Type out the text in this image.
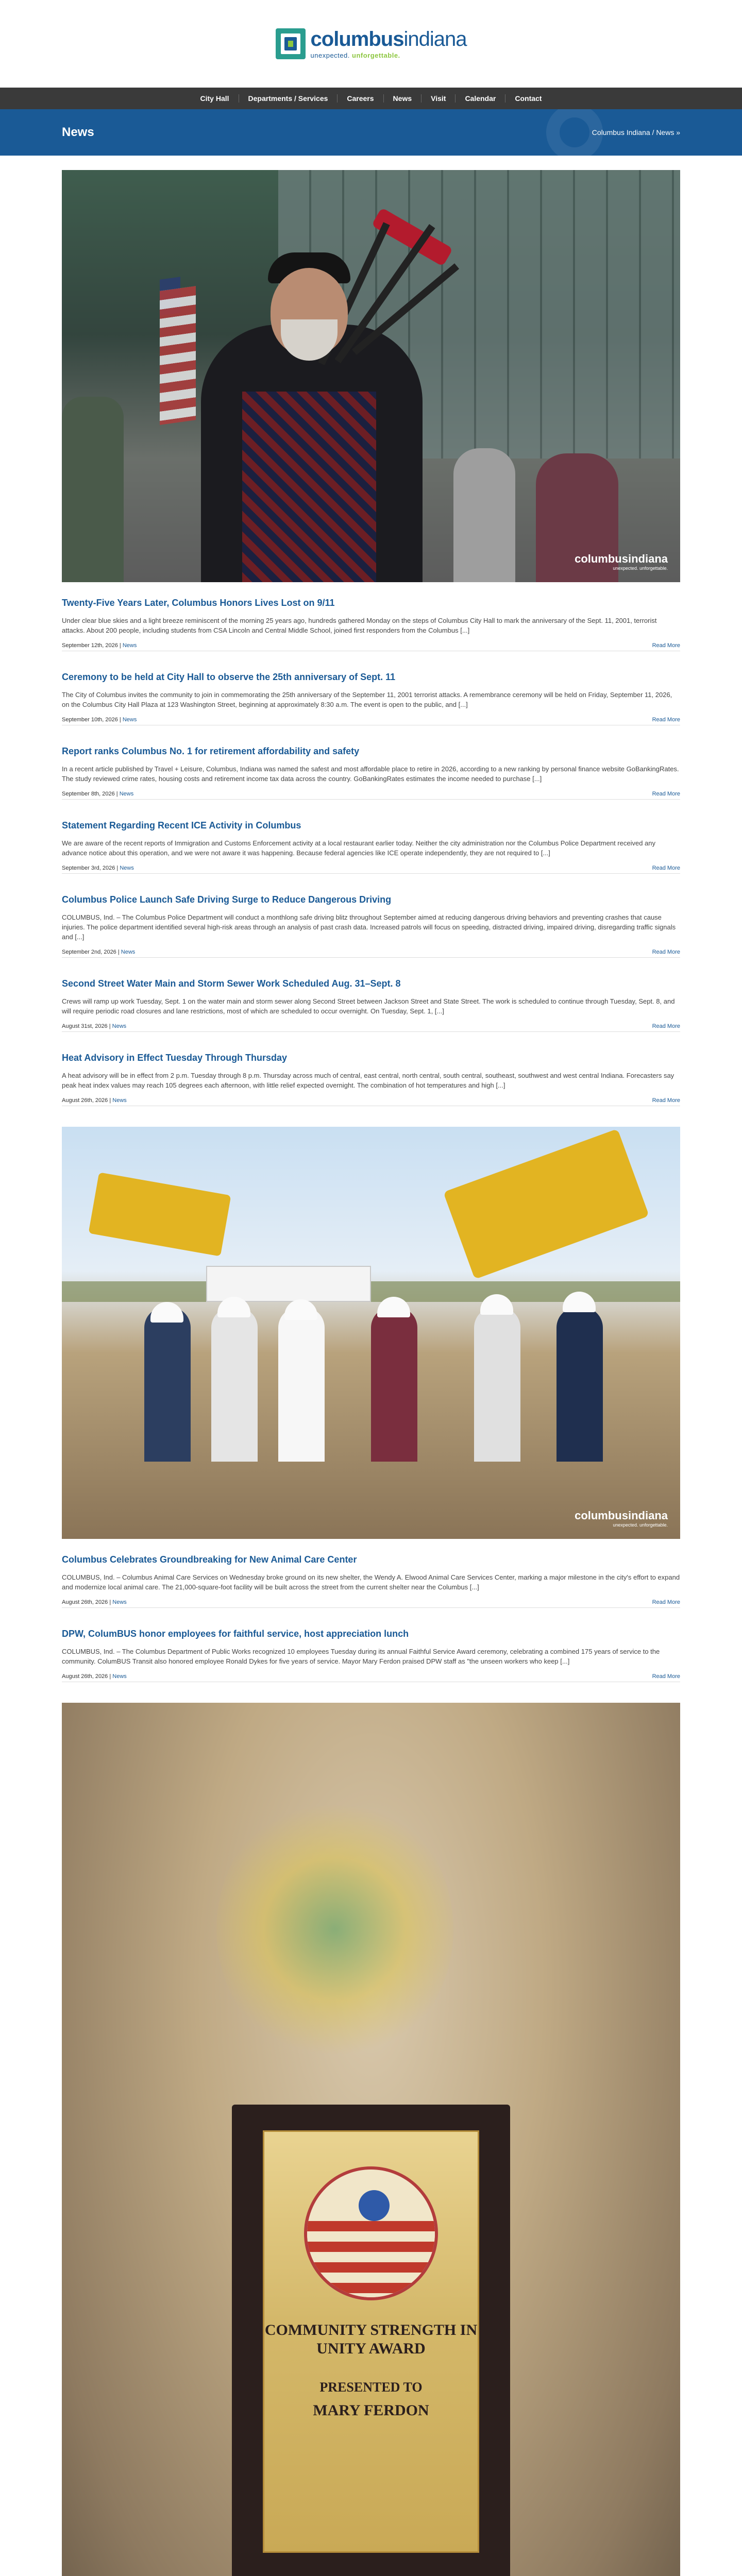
columbusindiana
unexpected. unforgettable.
City Hall	Departments / Services	Careers	News	Visit	Calendar	Contact
News	Columbus Indiana / News »
columbusindiana
unexpected. unforgettable.
Twenty-Five Years Later, Columbus Honors Lives Lost on 9/11

Under clear blue skies and a light breeze reminiscent of the morning 25 years ago, hundreds gathered Monday on the steps of Columbus City Hall to mark the anniversary of the Sept. 11, 2001, terrorist attacks. About 200 people, including students from CSA Lincoln and Central Middle School, joined first responders from the Columbus [...]

September 12th, 2026 | News	Read More
Ceremony to be held at City Hall to observe the 25th anniversary of Sept. 11

The City of Columbus invites the community to join in commemorating the 25th anniversary of the September 11, 2001 terrorist attacks. A remembrance ceremony will be held on Friday, September 11, 2026, on the Columbus City Hall Plaza at 123 Washington Street, beginning at approximately 8:30 a.m. The event is open to the public, and [...]

September 10th, 2026 | News	Read More
Report ranks Columbus No. 1 for retirement affordability and safety

In a recent article published by Travel + Leisure, Columbus, Indiana was named the safest and most affordable place to retire in 2026, according to a new ranking by personal finance website GoBankingRates. The study reviewed crime rates, housing costs and retirement income tax data across the country. GoBankingRates estimates the income needed to purchase [...]

September 8th, 2026 | News	Read More
Statement Regarding Recent ICE Activity in Columbus

We are aware of the recent reports of Immigration and Customs Enforcement activity at a local restaurant earlier today. Neither the city administration nor the Columbus Police Department received any advance notice about this operation, and we were not aware it was happening. Because federal agencies like ICE operate independently, they are not required to [...]

September 3rd, 2026 | News	Read More
Columbus Police Launch Safe Driving Surge to Reduce Dangerous Driving

COLUMBUS, Ind. – The Columbus Police Department will conduct a monthlong safe driving blitz throughout September aimed at reducing dangerous driving behaviors and preventing crashes that cause injuries. The police department identified several high-risk areas through an analysis of past crash data. Increased patrols will focus on speeding, distracted driving, impaired driving, disregarding traffic signals and [...]

September 2nd, 2026 | News	Read More
Second Street Water Main and Storm Sewer Work Scheduled Aug. 31–Sept. 8

Crews will ramp up work Tuesday, Sept. 1 on the water main and storm sewer along Second Street between Jackson Street and State Street. The work is scheduled to continue through Tuesday, Sept. 8, and will require periodic road closures and lane restrictions, most of which are scheduled to occur overnight. On Tuesday, Sept. 1, [...]

August 31st, 2026 | News	Read More
Heat Advisory in Effect Tuesday Through Thursday

A heat advisory will be in effect from 2 p.m. Tuesday through 8 p.m. Thursday across much of central, east central, north central, south central, southeast, southwest and west central Indiana. Forecasters say peak heat index values may reach 105 degrees each afternoon, with little relief expected overnight. The combination of hot temperatures and high [...]

August 26th, 2026 | News	Read More
columbusindiana
unexpected. unforgettable.
Columbus Celebrates Groundbreaking for New Animal Care Center

COLUMBUS, Ind. – Columbus Animal Care Services on Wednesday broke ground on its new shelter, the Wendy A. Elwood Animal Care Services Center, marking a major milestone in the city's effort to expand and modernize local animal care. The 21,000-square-foot facility will be built across the street from the current shelter near the Columbus [...]

August 26th, 2026 | News	Read More
DPW, ColumBUS honor employees for faithful service, host appreciation lunch

COLUMBUS, Ind. – The Columbus Department of Public Works recognized 10 employees Tuesday during its annual Faithful Service Award ceremony, celebrating a combined 175 years of service to the community. ColumBUS Transit also honored employee Ronald Dykes for five years of service. Mayor Mary Ferdon praised DPW staff as "the unseen workers who keep [...]

August 26th, 2026 | News	Read More
COMMUNITY STRENGTH IN UNITY AWARD
PRESENTED TO
MARY FERDON
